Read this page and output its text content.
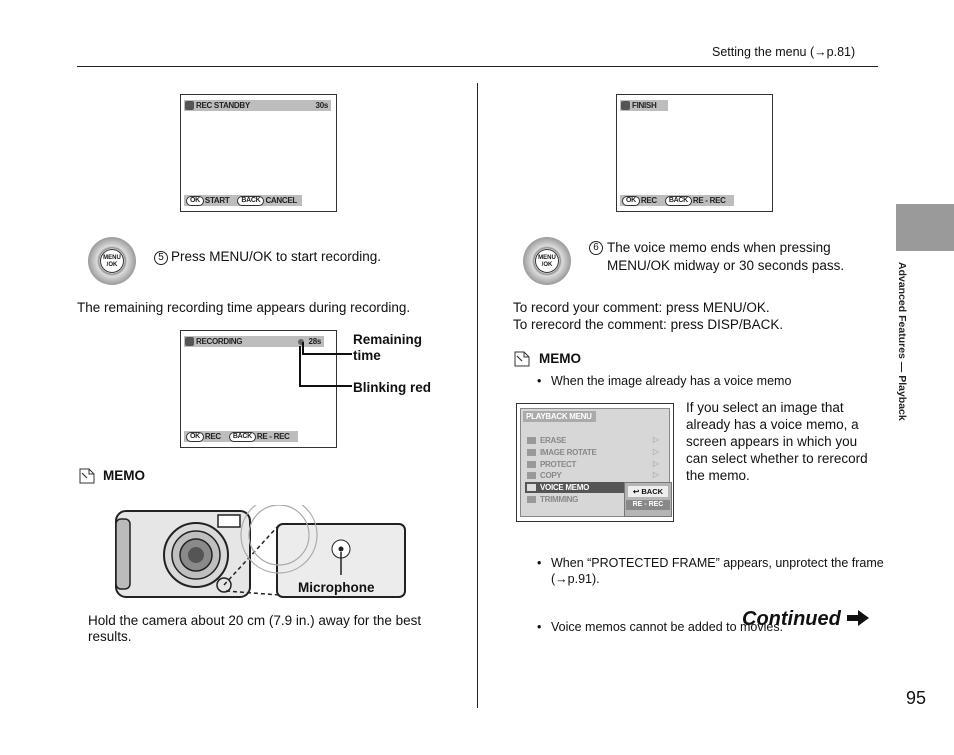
Setting the menu (→p.81)
REC STANDBY	30s
OK START BACK CANCEL
MENU
/OK
5 Press MENU/OK to start recording.
The remaining recording time appears during recording.
RECORDING	28s
OK REC BACK RE - REC
Remaining time
Blinking red
MEMO
Microphone
Hold the camera about 20 cm (7.9 in.) away for the best results.
FINISH
OK REC BACK RE - REC
MENU
/OK
6 The voice memo ends when pressing MENU/OK midway or 30 seconds pass.
To record your comment: press MENU/OK.
To rerecord the comment: press DISP/BACK.
MEMO
• When the image already has a voice memo
PLAYBACK MENU
ERASE
IMAGE ROTATE
PROTECT
COPY
VOICE MEMO
TRIMMING
▷
▷
▷
▷
↩ BACK
RE - REC
If you select an image that already has a voice memo, a screen appears in which you can select whether to rerecord the memo.
• When “PROTECTED FRAME” appears, unprotect the frame (→p.91).
• Voice memos cannot be added to movies.
Continued
Advanced Features — Playback
95
